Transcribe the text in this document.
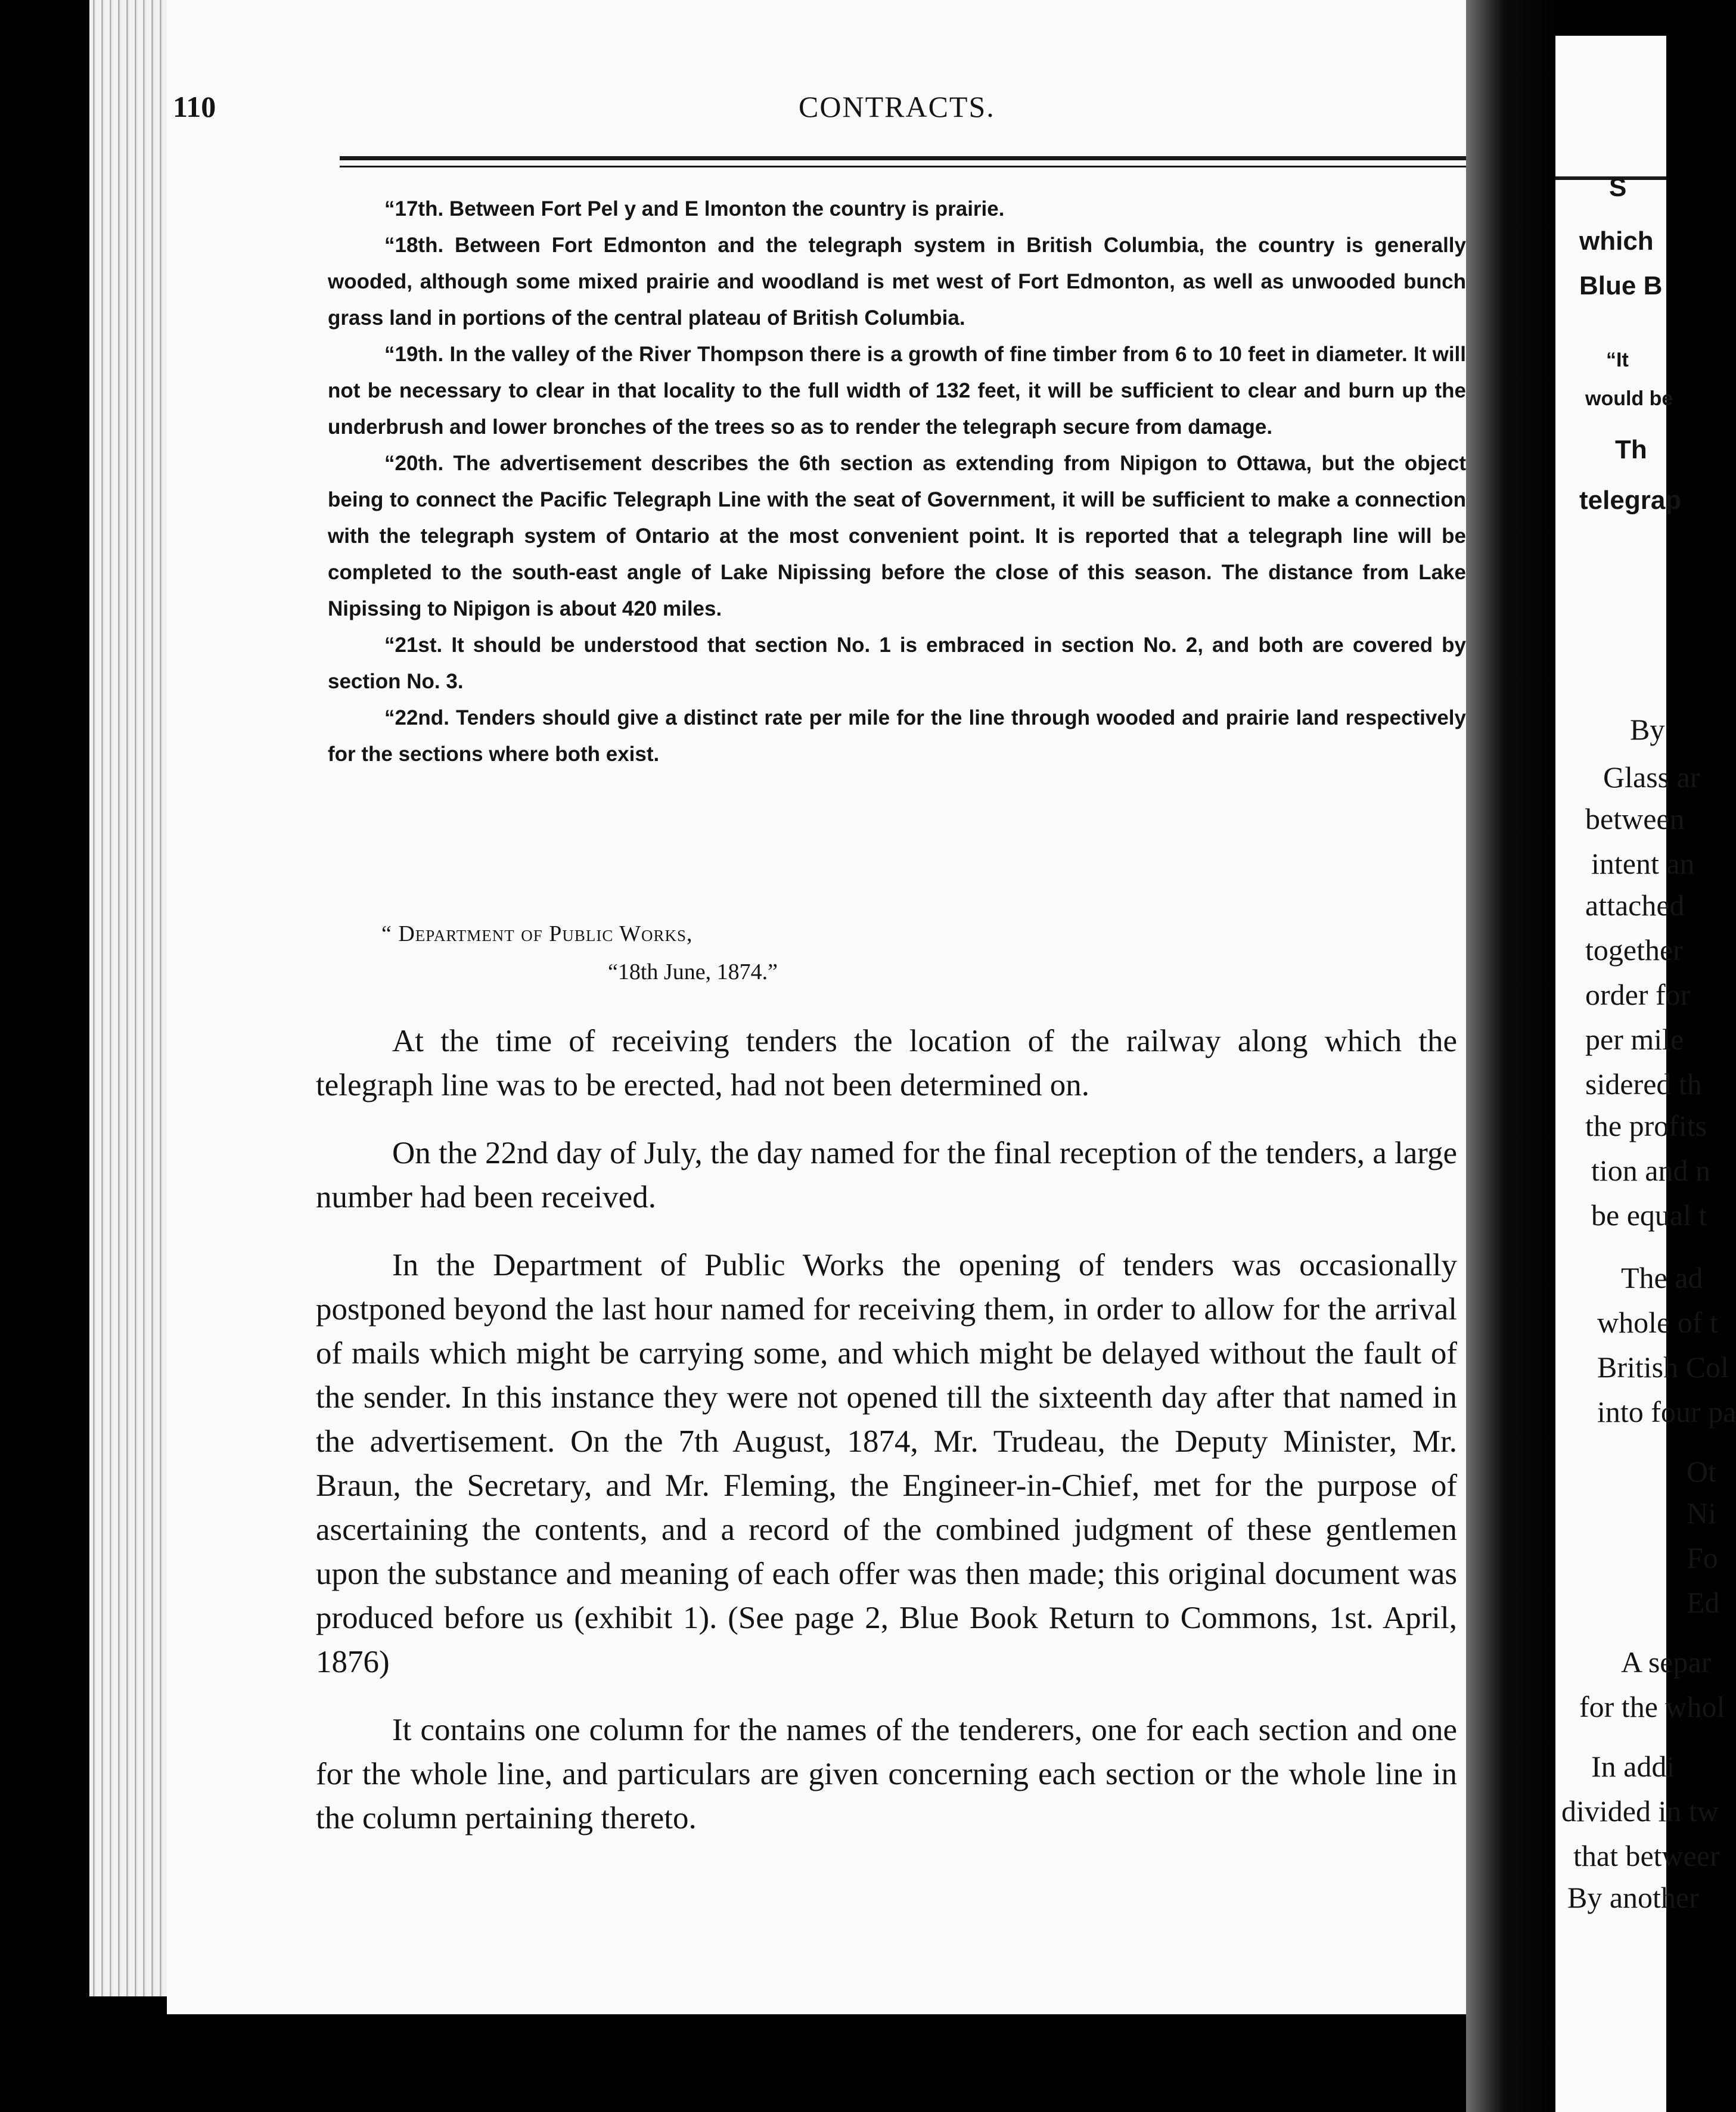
110	CONTRACTS.

“17th. Between Fort Pel y and E lmonton the country is prairie.

“18th. Between Fort Edmonton and the telegraph system in British Columbia, the country is generally wooded, although some mixed prairie and woodland is met west of Fort Edmonton, as well as unwooded bunch grass land in portions of the central plateau of British Columbia.

“19th. In the valley of the River Thompson there is a growth of fine timber from 6 to 10 feet in diameter. It will not be necessary to clear in that locality to the full width of 132 feet, it will be sufficient to clear and burn up the underbrush and lower bronches of the trees so as to render the telegraph secure from damage.

“20th. The advertisement describes the 6th section as extending from Nipigon to Ottawa, but the object being to connect the Pacific Telegraph Line with the seat of Government, it will be sufficient to make a connection with the telegraph system of Ontario at the most convenient point. It is reported that a telegraph line will be completed to the south-east angle of Lake Nipissing before the close of this season. The distance from Lake Nipissing to Nipigon is about 420 miles.

“21st. It should be understood that section No. 1 is embraced in section No. 2, and both are covered by section No. 3.

“22nd. Tenders should give a distinct rate per mile for the line through wooded and prairie land respectively for the sections where both exist.

“ Department of Public Works,
“18th June, 1874.”

At the time of receiving tenders the location of the railway along which the telegraph line was to be erected, had not been determined on.

On the 22nd day of July, the day named for the final reception of the tenders, a large number had been received.

In the Department of Public Works the opening of tenders was occasionally postponed beyond the last hour named for receiving them, in order to allow for the arrival of mails which might be carrying some, and which might be delayed without the fault of the sender. In this instance they were not opened till the sixteenth day after that named in the advertisement. On the 7th August, 1874, Mr. Trudeau, the Deputy Minister, Mr. Braun, the Secretary, and Mr. Fleming, the Engineer-in-Chief, met for the purpose of ascertaining the contents, and a record of the combined judgment of these gentlemen upon the substance and meaning of each offer was then made; this original document was produced before us (exhibit 1). (See page 2, Blue Book Return to Commons, 1st. April, 1876)

It contains one column for the names of the tenderers, one for each section and one for the whole line, and particulars are given concerning each section or the whole line in the column pertaining thereto.

S
which
Blue B
“It
would be
Th
telegrap
By
Glass ar
between
intent an
attached
together
order for
per mile
sidered th
the profits
tion and n
be equal t
The ad
whole of t
British Col
into four pa
Ot
Ni
Fo
Ed
A separ
for the whol
In addi
divided in tw
that betweer
By another
